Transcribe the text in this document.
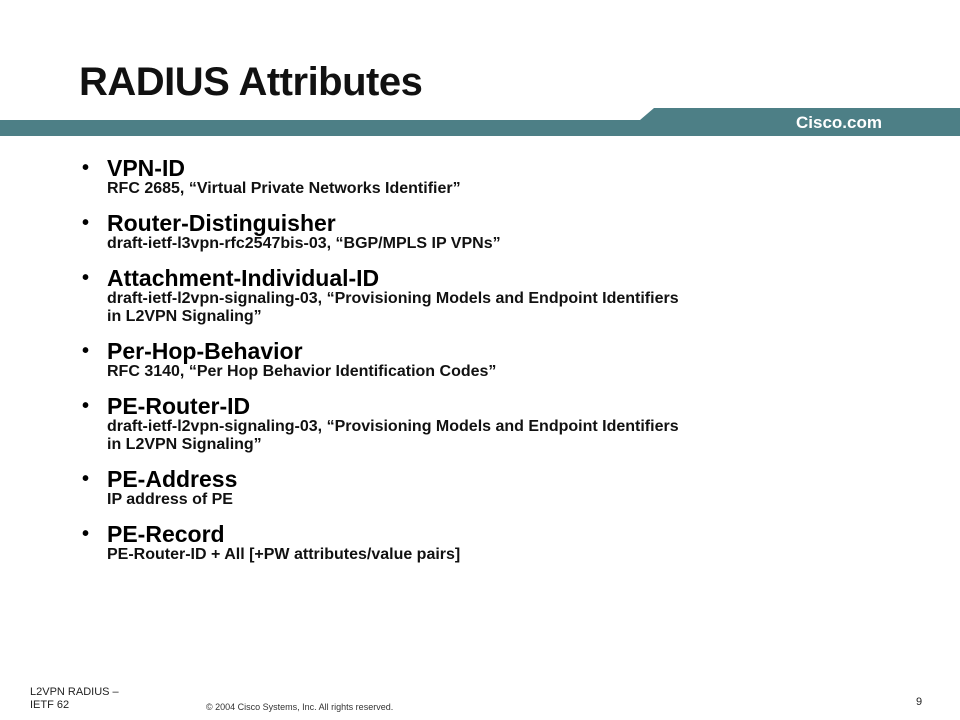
RADIUS Attributes
Cisco.com
• VPN-ID
RFC 2685, “Virtual Private Networks Identifier”
• Router-Distinguisher
draft-ietf-l3vpn-rfc2547bis-03, “BGP/MPLS IP VPNs”
• Attachment-Individual-ID
draft-ietf-l2vpn-signaling-03, “Provisioning Models and Endpoint Identifiers
in L2VPN Signaling”
• Per-Hop-Behavior
RFC 3140, “Per Hop Behavior Identification Codes”
• PE-Router-ID
draft-ietf-l2vpn-signaling-03, “Provisioning Models and Endpoint Identifiers
in L2VPN Signaling”
• PE-Address
IP address of PE
• PE-Record
PE-Router-ID + All [+PW attributes/value pairs]
L2VPN RADIUS –
IETF 62	© 2004 Cisco Systems, Inc. All rights reserved.	9
